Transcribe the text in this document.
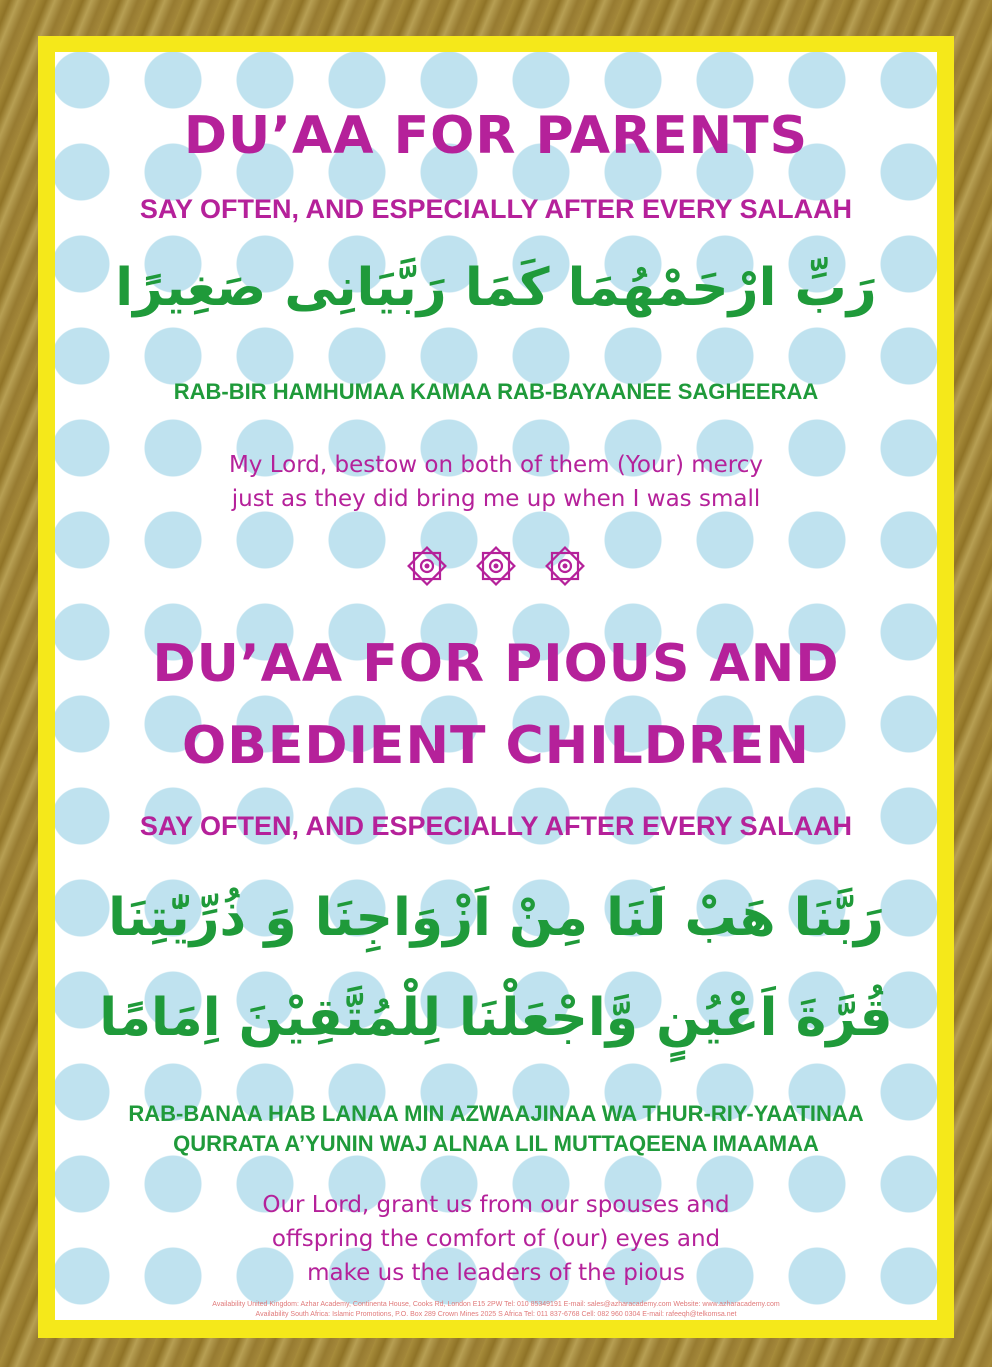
DU’AA FOR PARENTS
SAY OFTEN, AND ESPECIALLY AFTER EVERY SALAAH
رَبِّ ارْحَمْهُمَا كَمَا رَبَّيَانِى صَغِيرًا
RAB-BIR HAMHUMAA KAMAA RAB-BAYAANEE SAGHEERAA
My Lord, bestow on both of them (Your) mercy
just as they did bring me up when I was small
DU’AA FOR PIOUS AND
OBEDIENT CHILDREN
SAY OFTEN, AND ESPECIALLY AFTER EVERY SALAAH
رَبَّنَا هَبْ لَنَا مِنْ اَزْوَاجِنَا وَ ذُرِّيّٰتِنَا
قُرَّةَ اَعْيُنٍ وَّاجْعَلْنَا لِلْمُتَّقِيْنَ اِمَامًا
RAB-BANAA HAB LANAA MIN AZWAAJINAA WA THUR-RIY-YAATINAA
QURRATA A’YUNIN WAJ ALNAA LIL MUTTAQEENA IMAAMAA
Our Lord, grant us from our spouses and
offspring the comfort of (our) eyes and
make us the leaders of the pious
Availability United Kingdom: Azhar Academy, Continenta House, Cooks Rd, London E15 2PW Tel: 010 85349191 E-mail: sales@azharacademy.com Website: www.azharacademy.com
Availability South Africa: Islamic Promotions, P.O. Box 289 Crown Mines 2025 S Africa Tel: 011 837-6768 Cell: 082 960 0304 E-mail: rafeeqh@telkomsa.net
